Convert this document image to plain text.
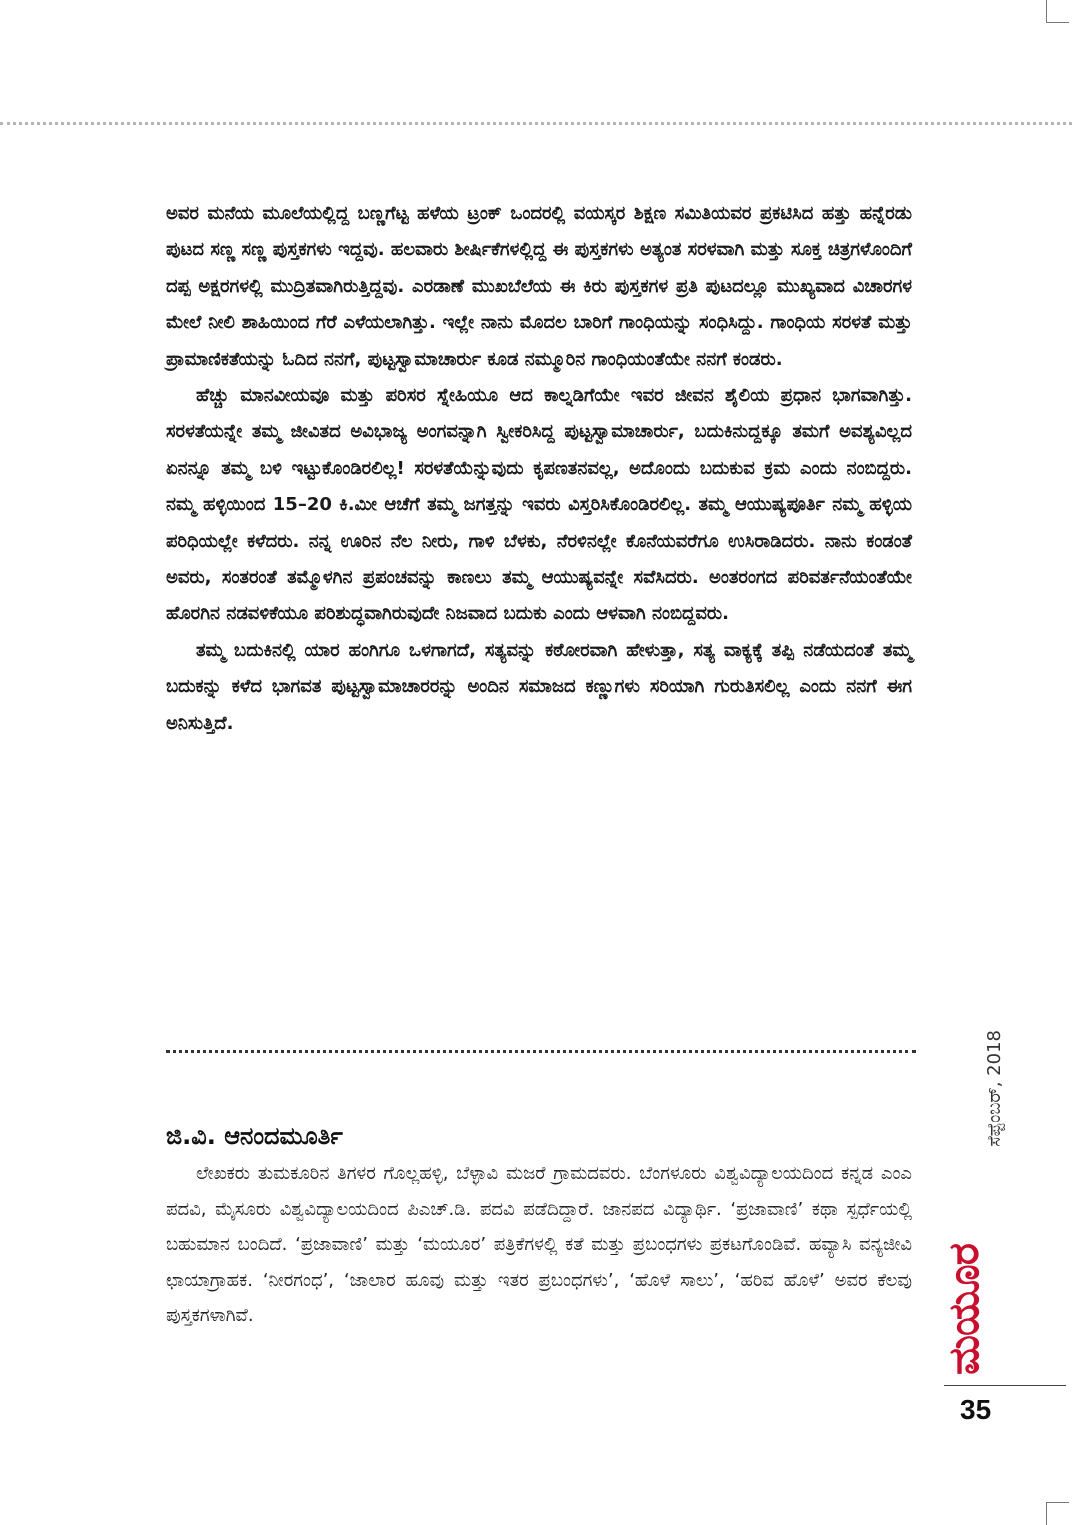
ಅವರ ಮನೆಯ ಮೂಲೆಯಲ್ಲಿದ್ದ ಬಣ್ಣಗೆಟ್ಟ ಹಳೆಯ ಟ್ರಂಕ್ ಒಂದರಲ್ಲಿ ವಯಸ್ಕರ ಶಿಕ್ಷಣ ಸಮಿತಿಯವರ ಪ್ರಕಟಿಸಿದ ಹತ್ತು ಹನ್ನೆರಡು ಪುಟದ ಸಣ್ಣ ಸಣ್ಣ ಪುಸ್ತಕಗಳು ಇದ್ದವು. ಹಲವಾರು ಶೀರ್ಷಿಕೆಗಳಲ್ಲಿದ್ದ ಈ ಪುಸ್ತಕಗಳು ಅತ್ಯಂತ ಸರಳವಾಗಿ ಮತ್ತು ಸೂಕ್ತ ಚಿತ್ರಗಳೊಂದಿಗೆ ದಪ್ಪ ಅಕ್ಷರಗಳಲ್ಲಿ ಮುದ್ರಿತವಾಗಿರುತ್ತಿದ್ದವು. ಎರಡಾಣೆ ಮುಖಬೆಲೆಯ ಈ ಕಿರು ಪುಸ್ತಕಗಳ ಪ್ರತಿ ಪುಟದಲ್ಲೂ ಮುಖ್ಯವಾದ ವಿಚಾರಗಳ ಮೇಲೆ ನೀಲಿ ಶಾಹಿಯಿಂದ ಗೆರೆ ಎಳೆಯಲಾಗಿತ್ತು. ಇಲ್ಲೇ ನಾನು ಮೊದಲ ಬಾರಿಗೆ ಗಾಂಧಿಯನ್ನು ಸಂಧಿಸಿದ್ದು. ಗಾಂಧಿಯ ಸರಳತೆ ಮತ್ತು ಪ್ರಾಮಾಣಿಕತೆಯನ್ನು ಓದಿದ ನನಗೆ, ಪುಟ್ಟಸ್ವಾಮಾಚಾರ್ರು ಕೂಡ ನಮ್ಮೂರಿನ ಗಾಂಧಿಯಂತೆಯೇ ನನಗೆ ಕಂಡರು.

ಹೆಚ್ಚು ಮಾನವೀಯವೂ ಮತ್ತು ಪರಿಸರ ಸ್ನೇಹಿಯೂ ಆದ ಕಾಲ್ನಡಿಗೆಯೇ ಇವರ ಜೀವನ ಶೈಲಿಯ ಪ್ರಧಾನ ಭಾಗವಾಗಿತ್ತು. ಸರಳತೆಯನ್ನೇ ತಮ್ಮ ಜೀವಿತದ ಅವಿಭಾಜ್ಯ ಅಂಗವನ್ನಾಗಿ ಸ್ವೀಕರಿಸಿದ್ದ ಪುಟ್ಟಸ್ವಾಮಾಚಾರ್ರು, ಬದುಕಿನುದ್ದಕ್ಕೂ ತಮಗೆ ಅವಶ್ಯವಿಲ್ಲದ ಏನನ್ನೂ ತಮ್ಮ ಬಳಿ ಇಟ್ಟುಕೊಂಡಿರಲಿಲ್ಲ! ಸರಳತೆಯೆನ್ನುವುದು ಕೃಪಣತನವಲ್ಲ, ಅದೊಂದು ಬದುಕುವ ಕ್ರಮ ಎಂದು ನಂಬಿದ್ದರು. ನಮ್ಮ ಹಳ್ಳಿಯಿಂದ 15–20 ಕಿ.ಮೀ ಆಚೆಗೆ ತಮ್ಮ ಜಗತ್ತನ್ನು ಇವರು ವಿಸ್ತರಿಸಿಕೊಂಡಿರಲಿಲ್ಲ. ತಮ್ಮ ಆಯುಷ್ಯಪೂರ್ತಿ ನಮ್ಮ ಹಳ್ಳಿಯ ಪರಿಧಿಯಲ್ಲೇ ಕಳೆದರು. ನನ್ನ ಊರಿನ ನೆಲ ನೀರು, ಗಾಳಿ ಬೆಳಕು, ನೆರಳಿನಲ್ಲೇ ಕೊನೆಯವರೆಗೂ ಉಸಿರಾಡಿದರು. ನಾನು ಕಂಡಂತೆ ಅವರು, ಸಂತರಂತೆ ತಮ್ಮೊಳಗಿನ ಪ್ರಪಂಚವನ್ನು ಕಾಣಲು ತಮ್ಮ ಆಯುಷ್ಯವನ್ನೇ ಸವೆಸಿದರು. ಅಂತರಂಗದ ಪರಿವರ್ತನೆಯಂತೆಯೇ ಹೊರಗಿನ ನಡವಳಿಕೆಯೂ ಪರಿಶುದ್ಧವಾಗಿರುವುದೇ ನಿಜವಾದ ಬದುಕು ಎಂದು ಆಳವಾಗಿ ನಂಬಿದ್ದವರು.

ತಮ್ಮ ಬದುಕಿನಲ್ಲಿ ಯಾರ ಹಂಗಿಗೂ ಒಳಗಾಗದೆ, ಸತ್ಯವನ್ನು ಕಠೋರವಾಗಿ ಹೇಳುತ್ತಾ, ಸತ್ಯ ವಾಕ್ಯಕ್ಕೆ ತಪ್ಪಿ ನಡೆಯದಂತೆ ತಮ್ಮ ಬದುಕನ್ನು ಕಳೆದ ಭಾಗವತ ಪುಟ್ಟಸ್ವಾಮಾಚಾರರನ್ನು ಅಂದಿನ ಸಮಾಜದ ಕಣ್ಣುಗಳು ಸರಿಯಾಗಿ ಗುರುತಿಸಲಿಲ್ಲ ಎಂದು ನನಗೆ ಈಗ ಅನಿಸುತ್ತಿದೆ.

ಜಿ.ವಿ. ಆನಂದಮೂರ್ತಿ

ಲೇಖಕರು ತುಮಕೂರಿನ ತಿಗಳರ ಗೊಲ್ಲಹಳ್ಳಿ, ಬೆಳ್ಳಾವಿ ಮಜರೆ ಗ್ರಾಮದವರು. ಬೆಂಗಳೂರು ವಿಶ್ವವಿದ್ಯಾಲಯದಿಂದ ಕನ್ನಡ ಎಂಎ ಪದವಿ, ಮೈಸೂರು ವಿಶ್ವವಿದ್ಯಾಲಯದಿಂದ ಪಿಎಚ್.ಡಿ. ಪದವಿ ಪಡೆದಿದ್ದಾರೆ. ಜಾನಪದ ವಿದ್ಯಾರ್ಥಿ. ‘ಪ್ರಜಾವಾಣಿ’ ಕಥಾ ಸ್ಪರ್ಧೆಯಲ್ಲಿ ಬಹುಮಾನ ಬಂದಿದೆ. ‘ಪ್ರಜಾವಾಣಿ’ ಮತ್ತು ‘ಮಯೂರ’ ಪತ್ರಿಕೆಗಳಲ್ಲಿ ಕತೆ ಮತ್ತು ಪ್ರಬಂಧಗಳು ಪ್ರಕಟಗೊಂಡಿವೆ. ಹವ್ಯಾಸಿ ವನ್ಯಜೀವಿ ಛಾಯಾಗ್ರಾಹಕ. ‘ನೀರಗಂಧ’, ‘ಜಾಲಾರ ಹೂವು ಮತ್ತು ಇತರ ಪ್ರಬಂಧಗಳು’, ‘ಹೊಳೆ ಸಾಲು’, ‘ಹರಿವ ಹೊಳೆ’ ಅವರ ಕೆಲವು ಪುಸ್ತಕಗಳಾಗಿವೆ.

ಸೆಪ್ಟೆಂಬರ್, 2018
ಮಯೂರ
35
